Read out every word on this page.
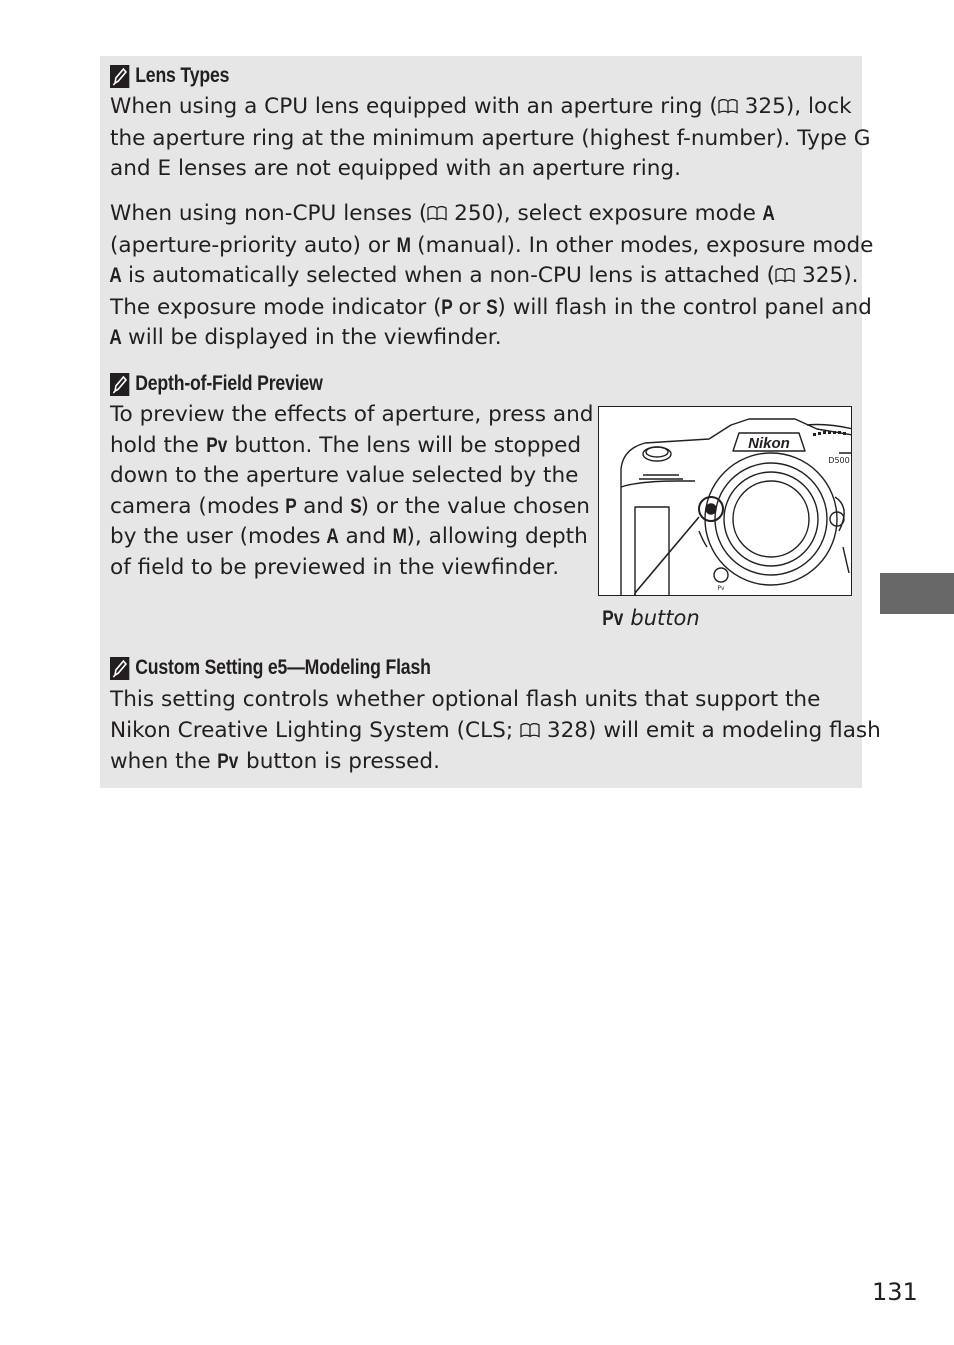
Lens Types
When using a CPU lens equipped with an aperture ring ( 325), lock
the aperture ring at the minimum aperture (highest f-number). Type G
and E lenses are not equipped with an aperture ring.
When using non-CPU lenses ( 250), select exposure mode A
(aperture-priority auto) or M (manual). In other modes, exposure mode
A is automatically selected when a non-CPU lens is attached ( 325).
The exposure mode indicator (P or S) will flash in the control panel and
A will be displayed in the viewfinder.
Depth-of-Field Preview
To preview the effects of aperture, press and
hold the Pv button. The lens will be stopped
down to the aperture value selected by the
camera (modes P and S) or the value chosen
by the user (modes A and M), allowing depth
of field to be previewed in the viewfinder.
Nikon
D500
Pv
Pv button
Custom Setting e5—Modeling Flash
This setting controls whether optional flash units that support the
Nikon Creative Lighting System (CLS;  328) will emit a modeling flash
when the Pv button is pressed.
131
